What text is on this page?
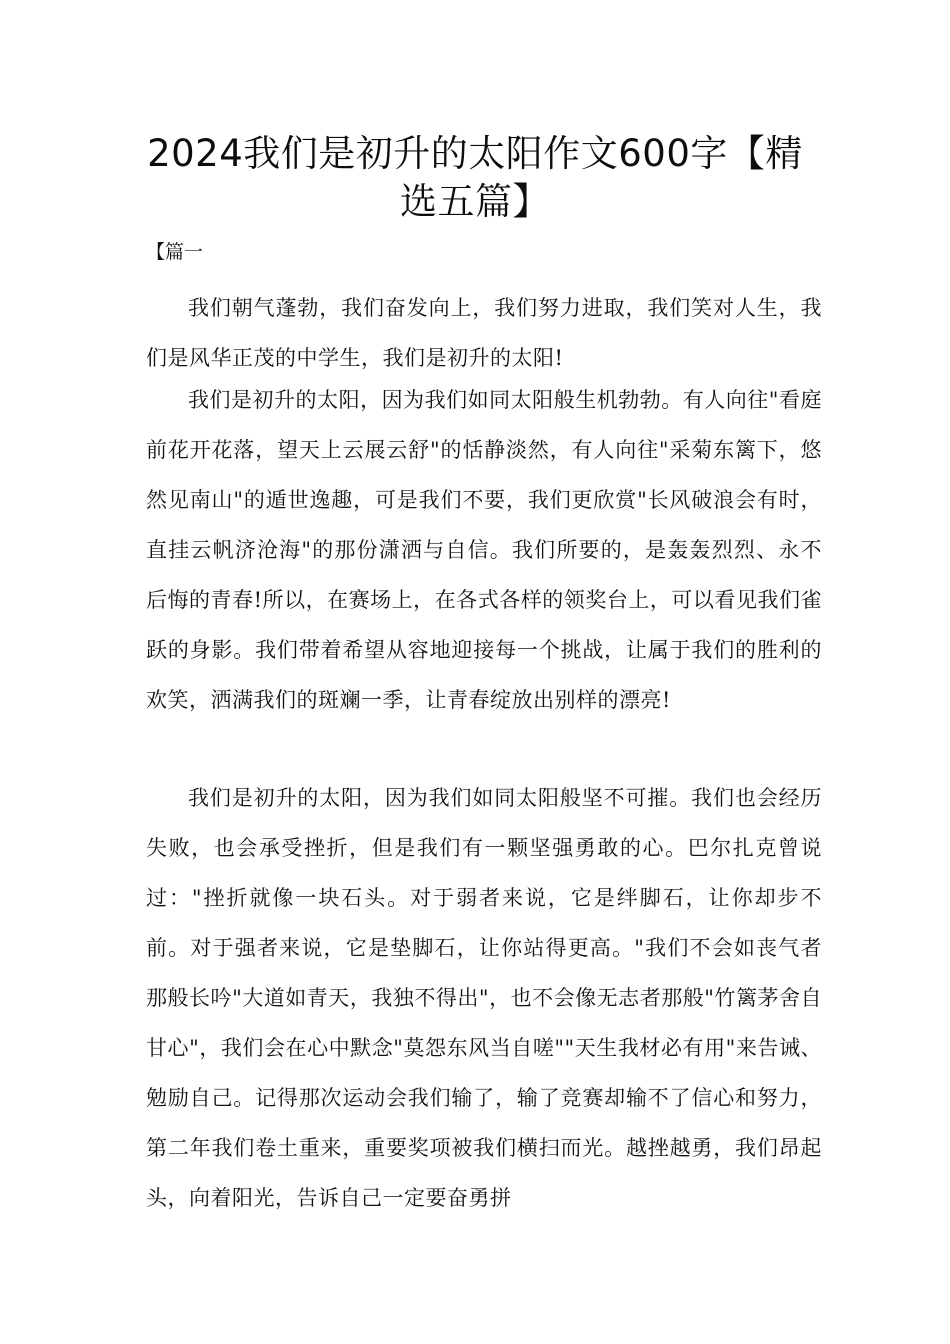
2024我们是初升的太阳作文600字【精选五篇】

【篇一

我们朝气蓬勃，我们奋发向上，我们努力进取，我们笑对人生，我们是风华正茂的中学生，我们是初升的太阳!

我们是初升的太阳，因为我们如同太阳般生机勃勃。有人向往"看庭前花开花落，望天上云展云舒"的恬静淡然，有人向往"采菊东篱下，悠然见南山"的遁世逸趣，可是我们不要，我们更欣赏"长风破浪会有时，直挂云帆济沧海"的那份潇洒与自信。我们所要的，是轰轰烈烈、永不后悔的青春!所以，在赛场上，在各式各样的领奖台上，可以看见我们雀跃的身影。我们带着希望从容地迎接每一个挑战，让属于我们的胜利的欢笑，洒满我们的斑斓一季，让青春绽放出别样的漂亮!

我们是初升的太阳，因为我们如同太阳般坚不可摧。我们也会经历失败，也会承受挫折，但是我们有一颗坚强勇敢的心。巴尔扎克曾说过："挫折就像一块石头。对于弱者来说，它是绊脚石，让你却步不前。对于强者来说，它是垫脚石，让你站得更高。"我们不会如丧气者那般长吟"大道如青天，我独不得出"，也不会像无志者那般"竹篱茅舍自甘心"，我们会在心中默念"莫怨东风当自嗟""天生我材必有用"来告诫、勉励自己。记得那次运动会我们输了，输了竞赛却输不了信心和努力，第二年我们卷土重来，重要奖项被我们横扫而光。越挫越勇，我们昂起头，向着阳光，告诉自己一定要奋勇拼
